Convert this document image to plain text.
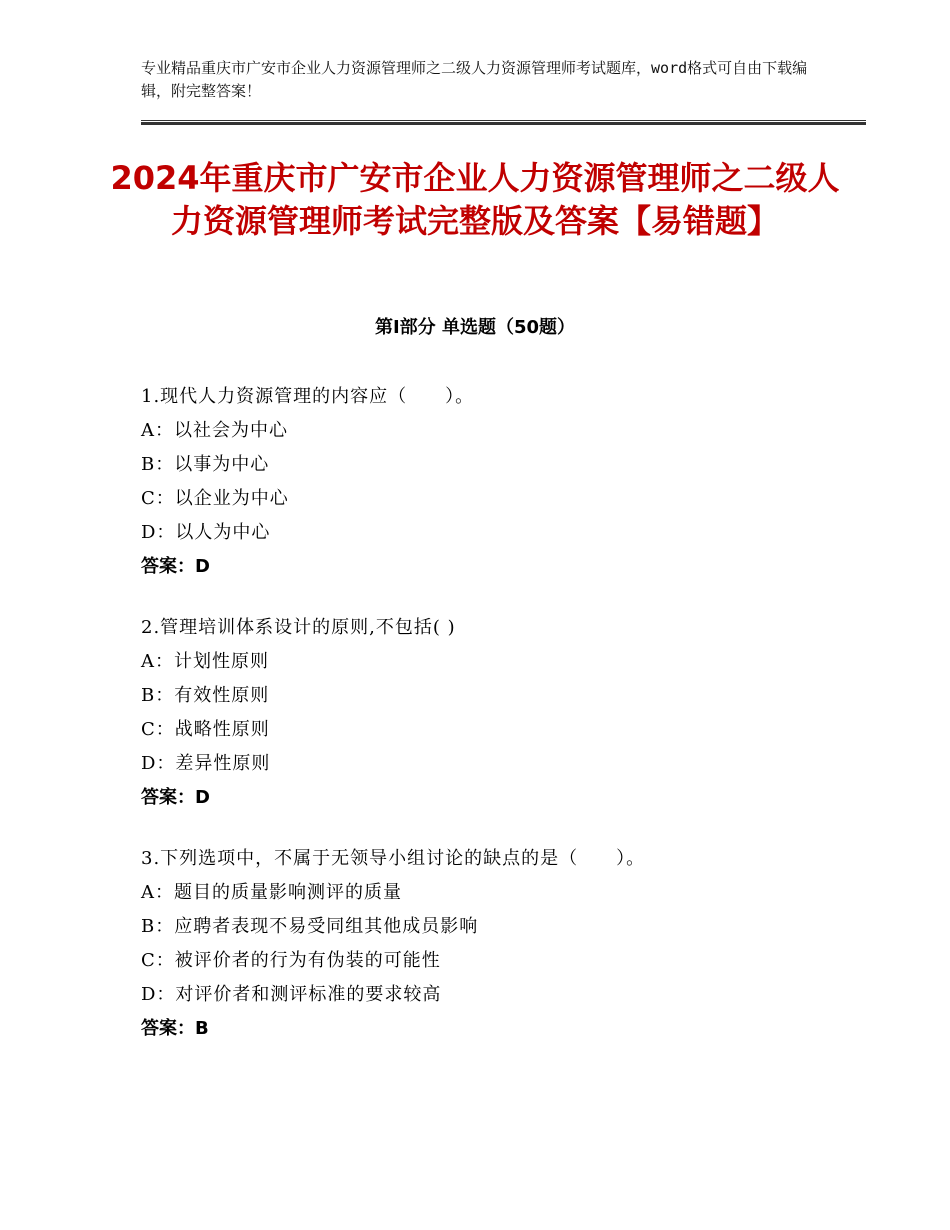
专业精品重庆市广安市企业人力资源管理师之二级人力资源管理师考试题库，word格式可自由下载编辑，附完整答案！
2024年重庆市广安市企业人力资源管理师之二级人力资源管理师考试完整版及答案【易错题】
第Ⅰ部分 单选题（50题）
1.现代人力资源管理的内容应（　　）。
A：以社会为中心
B：以事为中心
C：以企业为中心
D：以人为中心
答案：D
2.管理培训体系设计的原则,不包括( )
A：计划性原则
B：有效性原则
C：战略性原则
D：差异性原则
答案：D
3.下列选项中，不属于无领导小组讨论的缺点的是（　　）。
A：题目的质量影响测评的质量
B：应聘者表现不易受同组其他成员影响
C：被评价者的行为有伪装的可能性
D：对评价者和测评标准的要求较高
答案：B
